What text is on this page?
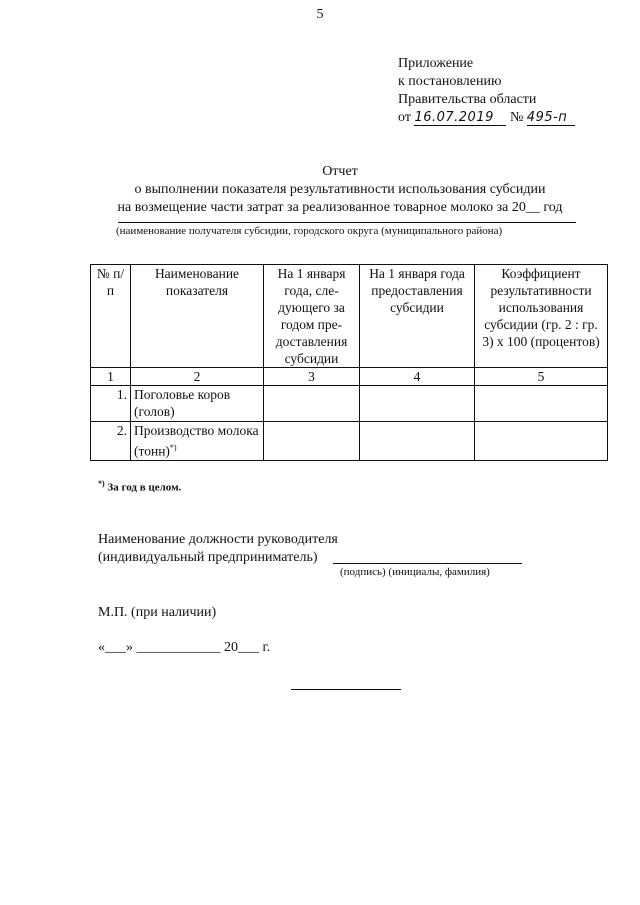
5
Приложение
к постановлению
Правительства области
от 16.07.2019 № 495-п
Отчет
о выполнении показателя результативности использования субсидии
на возмещение части затрат за реализованное товарное молоко за 20__ год
(наименование получателя субсидии, городского округа (муниципального района)
№ п/п	Наименование показателя	На 1 января года, сле-дующего за годом пре-доставления субсидии	На 1 января года предоставления субсидии	Коэффициент результативности использования субсидии (гр. 2 : гр. 3) х 100 (процентов)
1	2	3	4	5
1.	Поголовье коров (голов)			
2.	Производство молока (тонн)*)			
*) За год в целом.
Наименование должности руководителя
(индивидуальный предприниматель)
(подпись) (инициалы, фамилия)
М.П. (при наличии)
«___» ____________ 20___ г.
